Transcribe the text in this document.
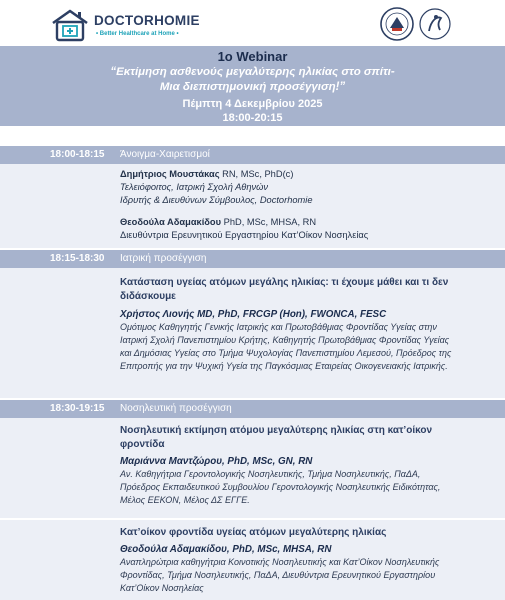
DOCTORHOMIE
• Better Healthcare at Home •
1ο Webinar
“Εκτίμηση ασθενούς μεγαλύτερης ηλικίας στο σπίτι-
Μια διεπιστημονική προσέγγιση!”
Πέμπτη 4 Δεκεμβρίου 2025
18:00-20:15
18:00-18:15 Άνοιγμα-Χαιρετισμοί
Δημήτριος Μουστάκας RN, MSc, PhD(c)
Τελειόφοιτος, Ιατρική Σχολή Αθηνών
Ιδρυτής & Διευθύνων Σύμβουλος, Doctorhomie
Θεοδούλα Αδαμακίδου PhD, MSc, MHSA, RN
Διευθύντρια Ερευνητικού Εργαστηρίου Κατ’Οίκον Νοσηλείας
18:15-18:30 Ιατρική προσέγγιση
Κατάσταση υγείας ατόμων μεγάλης ηλικίας: τι έχουμε μάθει και τι δεν
διδάσκουμε
Χρήστος Λιονής MD, PhD, FRCGP (Hon), FWONCA, FESC
Ομότιμος Καθηγητής Γενικής Ιατρικής και Πρωτοβάθμιας Φροντίδας Υγείας στην
Ιατρική Σχολή Πανεπιστημίου Κρήτης, Καθηγητής Πρωτοβάθμιας Φροντίδας Υγείας
και Δημόσιας Υγείας στο Τμήμα Ψυχολογίας Πανεπιστημίου Λεμεσού, Πρόεδρος της
Επιτροπής για την Ψυχική Υγεία της Παγκόσμιας Εταιρείας Οικογενειακής Ιατρικής.
18:30-19:15 Νοσηλευτική προσέγγιση
Νοσηλευτική εκτίμηση ατόμου μεγαλύτερης ηλικίας στη κατ’οίκον
φροντίδα
Μαριάννα Μαντζώρου, PhD, MSc, GN, RN
Αν. Καθηγήτρια Γεροντολογικής Νοσηλευτικής, Τμήμα Νοσηλευτικής, ΠαΔΑ,
Πρόεδρος Εκπαιδευτικού Συμβουλίου Γεροντολογικής Νοσηλευτικής Ειδικότητας,
Μέλος ΕΕΚΟΝ, Μέλος ΔΣ ΕΓΓΕ.
Κατ’οίκον φροντίδα υγείας ατόμων μεγαλύτερης ηλικίας
Θεοδούλα Αδαμακίδου, PhD, MSc, MHSA, RN
Αναπληρώτρια καθηγήτρια Κοινοτικής Νοσηλευτικής και Κατ’Οίκον Νοσηλευτικής
Φροντίδας, Τμήμα Νοσηλευτικής, ΠαΔΑ, Διευθύντρια Ερευνητικού Εργαστηρίου
Κατ’Οίκον Νοσηλείας
